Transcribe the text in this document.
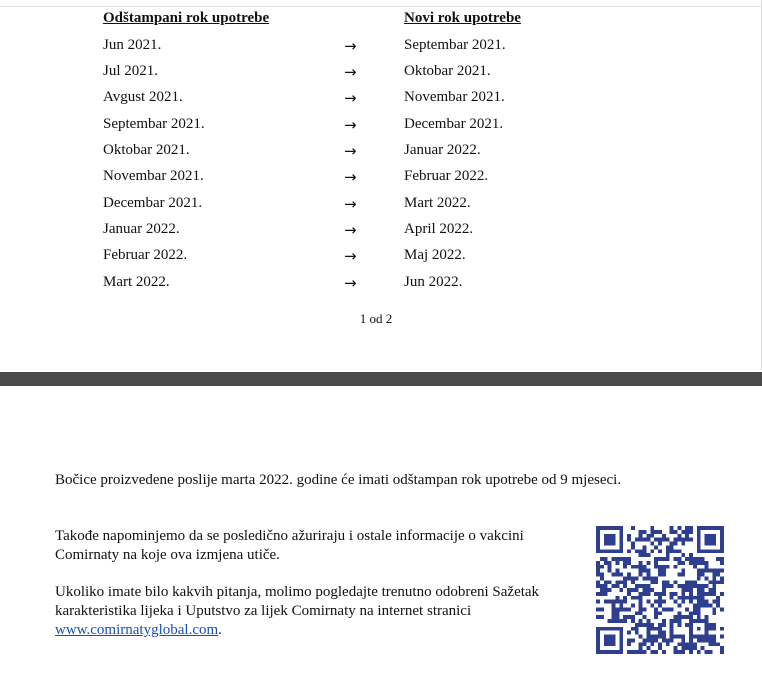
Odštampani rok upotrebe	Novi rok upotrebe
Jun 2021.	→	Septembar 2021.
Jul 2021.	→	Oktobar 2021.
Avgust 2021.	→	Novembar 2021.
Septembar 2021.	→	Decembar 2021.
Oktobar 2021.	→	Januar 2022.
Novembar 2021.	→	Februar 2022.
Decembar 2021.	→	Mart 2022.
Januar 2022.	→	April 2022.
Februar 2022.	→	Maj 2022.
Mart 2022.	→	Jun 2022.
1 od 2
Bočice proizvedene poslije marta 2022. godine će imati odštampan rok upotrebe od 9 mjeseci.
Takođe napominjemo da se posledično ažuriraju i ostale informacije o vakcini Comirnaty na koje ova izmjena utiče.
Ukoliko imate bilo kakvih pitanja, molimo pogledajte trenutno odobreni Sažetak karakteristika lijeka i Uputstvo za lijek Comirnaty na internet stranici
www.comirnatyglobal.com.
